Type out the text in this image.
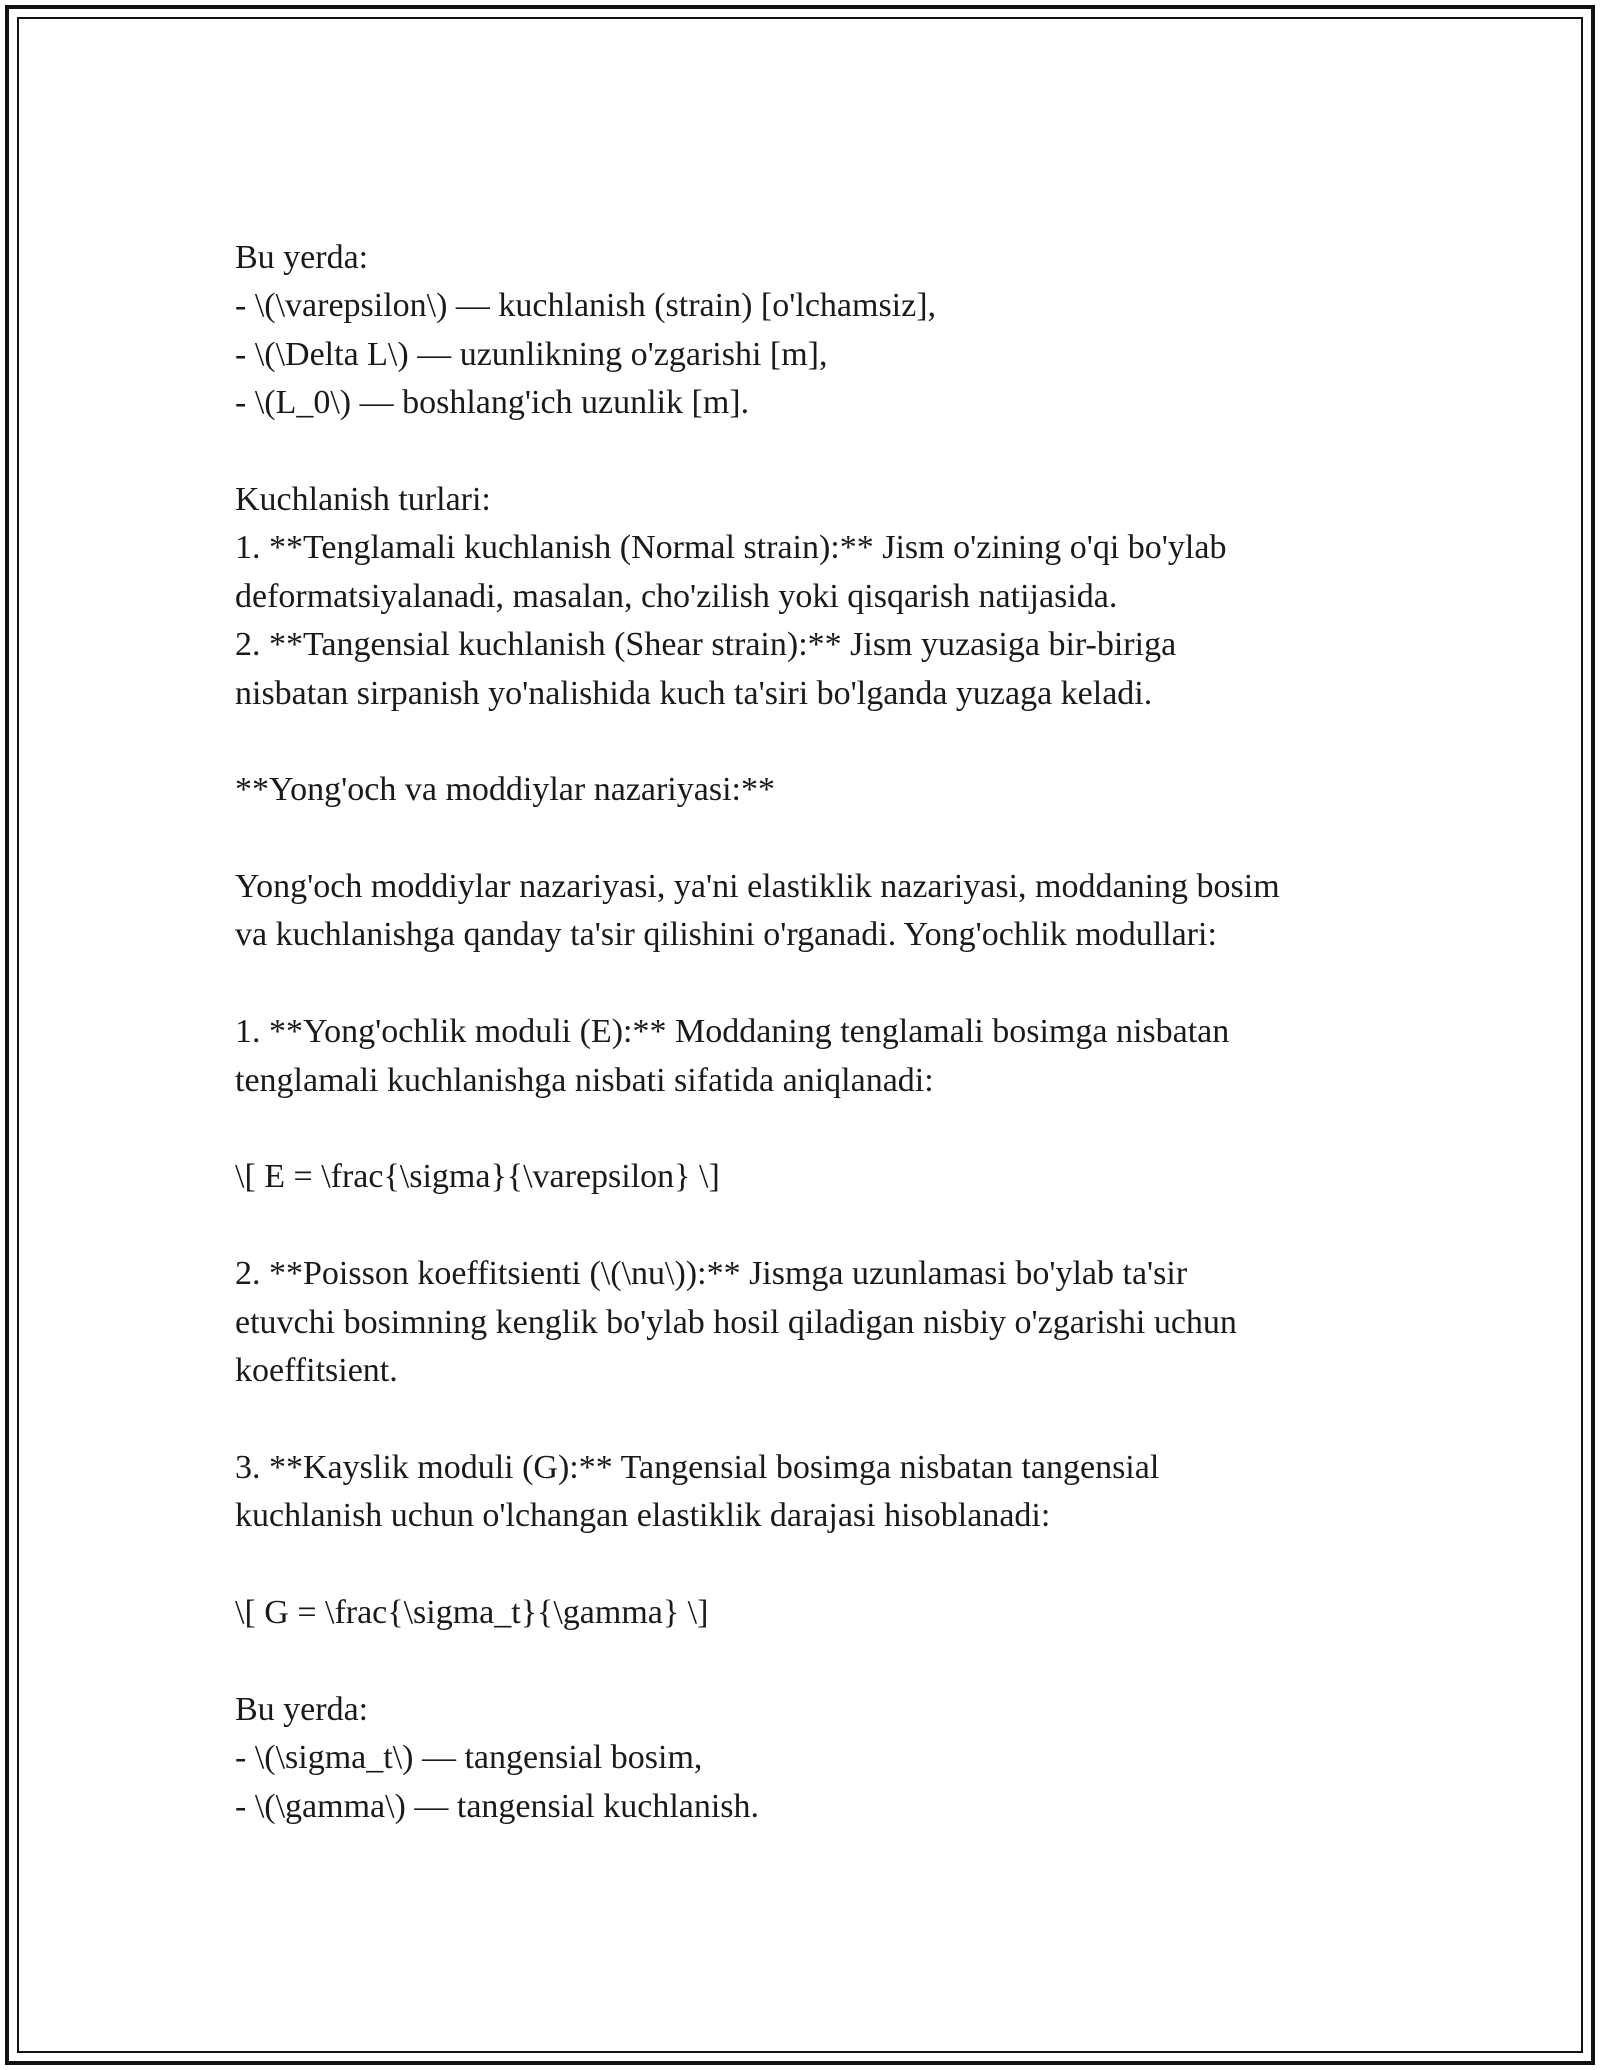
Bu yerda:
- \(\varepsilon\) — kuchlanish (strain) [o'lchamsiz],
- \(\Delta L\) — uzunlikning o'zgarishi [m],
- \(L_0\) — boshlang'ich uzunlik [m].
Kuchlanish turlari:
1. **Tenglamali kuchlanish (Normal strain):** Jism o'zining o'qi bo'ylab
deformatsiyalanadi, masalan, cho'zilish yoki qisqarish natijasida.
2. **Tangensial kuchlanish (Shear strain):** Jism yuzasiga bir-biriga
nisbatan sirpanish yo'nalishida kuch ta'siri bo'lganda yuzaga keladi.
**Yong'och va moddiylar nazariyasi:**
Yong'och moddiylar nazariyasi, ya'ni elastiklik nazariyasi, moddaning bosim
va kuchlanishga qanday ta'sir qilishini o'rganadi. Yong'ochlik modullari:
1. **Yong'ochlik moduli (E):** Moddaning tenglamali bosimga nisbatan
tenglamali kuchlanishga nisbati sifatida aniqlanadi:
\[ E = \frac{\sigma}{\varepsilon} \]
2. **Poisson koeffitsienti (\(\nu\)):** Jismga uzunlamasi bo'ylab ta'sir
etuvchi bosimning kenglik bo'ylab hosil qiladigan nisbiy o'zgarishi uchun
koeffitsient.
3. **Kayslik moduli (G):** Tangensial bosimga nisbatan tangensial
kuchlanish uchun o'lchangan elastiklik darajasi hisoblanadi:
\[ G = \frac{\sigma_t}{\gamma} \]
Bu yerda:
- \(\sigma_t\) — tangensial bosim,
- \(\gamma\) — tangensial kuchlanish.
